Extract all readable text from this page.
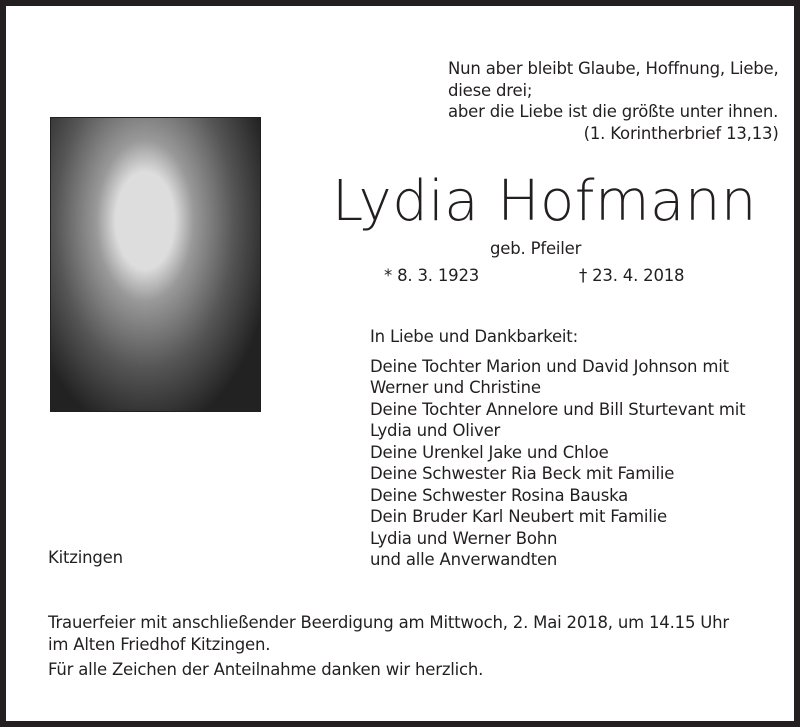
Nun aber bleibt Glaube, Hoffnung, Liebe,
diese drei;
aber die Liebe ist die größte unter ihnen.
(1. Korintherbrief 13,13)
Lydia Hofmann
geb. Pfeiler
* 8. 3. 1923	† 23. 4. 2018
In Liebe und Dankbarkeit:
Deine Tochter Marion und David Johnson mit
Werner und Christine
Deine Tochter Annelore und Bill Sturtevant mit
Lydia und Oliver
Deine Urenkel Jake und Chloe
Deine Schwester Ria Beck mit Familie
Deine Schwester Rosina Bauska
Dein Bruder Karl Neubert mit Familie
Lydia und Werner Bohn
und alle Anverwandten
Kitzingen
Trauerfeier mit anschließender Beerdigung am Mittwoch, 2. Mai 2018, um 14.15 Uhr
im Alten Friedhof Kitzingen.
Für alle Zeichen der Anteilnahme danken wir herzlich.
